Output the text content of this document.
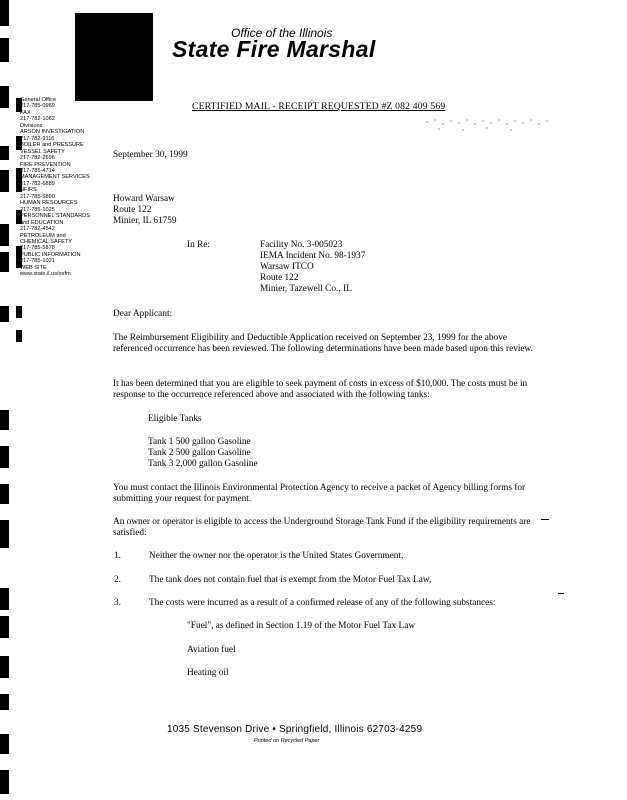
Office of the Illinois
State Fire Marshal
General Office
217-785-0969
FAX
217-782-1062
Divisions
ARSON INVESTIGATION
217-782-9116
BOILER and PRESSURE
VESSEL SAFETY
217-782-2696
FIRE PREVENTION
217-785-4714
MANAGEMENT SERVICES
217-782-6889
NFIRS
217-785-5890
HUMAN RESOURCES
217-785-1025
PERSONNEL STANDARDS
and EDUCATION
217-782-4542
PETROLEUM and
CHEMICAL SAFETY
217-785-5878
PUBLIC INFORMATION
217-785-1021
WEB SITE
www.state.il.us/osfm
CERTIFIED MAIL - RECEIPT REQUESTED #Z 082 409 569
September 30, 1999
Howard Warsaw
Route 122
Minier, IL 61759
In Re:	Facility No. 3-005023
IEMA Incident No. 98-1937
Warsaw ITCO
Route 122
Minier, Tazewell Co., IL
Dear Applicant:
The Reimbursement Eligibility and Deductible Application received on September 23, 1999 for the above referenced occurrence has been reviewed. The following determinations have been made based upon this review.
It has been determined that you are eligible to seek payment of costs in excess of $10,000. The costs must be in response to the occurrence referenced above and associated with the following tanks:
Eligible Tanks
Tank 1 500 gallon Gasoline
Tank 2 500 gallon Gasoline
Tank 3 2,000 gallon Gasoline
You must contact the Illinois Environmental Protection Agency to receive a packet of Agency billing forms for submitting your request for payment.
An owner or operator is eligible to access the Underground Storage Tank Fund if the eligibility requirements are satisfied:
1.	Neither the owner nor the operator is the United States Government,
2.	The tank does not contain fuel that is exempt from the Motor Fuel Tax Law,
3.	The costs were incurred as a result of a confirmed release of any of the following substances:
"Fuel", as defined in Section 1.19 of the Motor Fuel Tax Law
Aviation fuel
Heating oil
1035 Stevenson Drive • Springfield, Illinois 62703-4259
Printed on Recycled Paper
